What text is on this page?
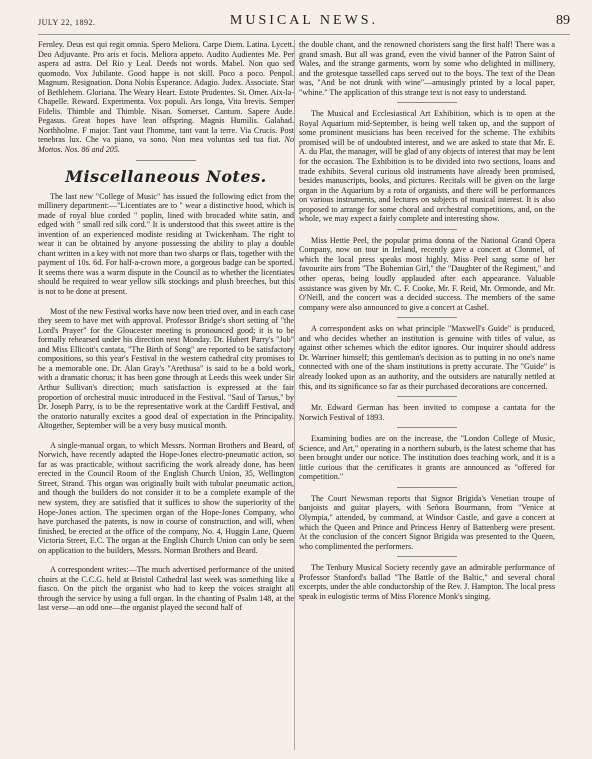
JULY 22, 1892.	MUSICAL NEWS.	89

Fernley. Deus est qui regit omnia. Spero Meliora. Carpe Diem. Latina. Lycett. Deo Adjuvante. Pro aris et focis. Meliora appeto. Audito Audientes Me. Per aspera ad astra. Del Rio y Leal. Deeds not words. Mabel. Non quo sed quomodo. Vox Jubilante. Good happe is not skill. Poco a poco. Penpol. Magnum. Resignation. Dona Nobis Esperance. Adagio. Judex. Associate. Star of Bethlehem. Gloriana. The Weary Heart. Estote Prudentes. St. Omer. Aix-la-Chapelle. Reward. Experimenta. Vox populi. Ars longa, Vita brevis. Semper Fidelis. Thimble and Thimble. Nisan. Somerset. Cantum. Sapere Aude. Pegasus. Great hopes have lean offspring. Magnis Humilis. Galahad. Northholme. F major. Tant vaut l'homme, tant vaut la terre. Via Crucis. Post tenebras lux. Che va piano, va sono. Non mea voluntas sed tua fiat. No Mottos. Nos. 86 and 205.

Miscellaneous Notes.

The last new "College of Music" has issued the following edict from the millinery department:—"Licentiates are to " wear a distinctive hood, which is made of royal blue corded " poplin, lined with brocaded white satin, and edged with " small red silk cord." It is understood that this sweet attire is the invention of an experienced modiste residing at Twickenham. The right to wear it can be obtained by anyone possessing the ability to play a double chant written in a key with not more than two sharps or flats, together with the payment of 10s. 6d. For half-a-crown more, a gorgeous badge can be sported. It seems there was a warm dispute in the Council as to whether the licentiates should be required to wear yellow silk stockings and plush breeches, but this is not to be done at present.

Most of the new Festival works have now been tried over, and in each case they seem to have met with approval. Professor Bridge's short setting of "the Lord's Prayer" for the Gloucester meeting is pronounced good; it is to be formally rehearsed under his direction next Monday. Dr. Hubert Parry's "Job" and Miss Ellicott's cantata, "The Birth of Song" are reported to be satisfactory compositions, so this year's Festival in the western cathedral city promises to be a memorable one. Dr. Alan Gray's "Arethusa" is said to be a bold work, with a dramatic chorus; it has been gone through at Leeds this week under Sir Arthur Sullivan's direction; much satisfaction is expressed at the fair proportion of orchestral music introduced in the Festival. "Saul of Tarsus," by Dr. Joseph Parry, is to be the representative work at the Cardiff Festival, and the oratorio naturally excites a good deal of expectation in the Principality. Altogether, September will be a very busy musical month.

A single-manual organ, to which Messrs. Norman Brothers and Beard, of Norwich, have recently adapted the Hope-Jones electro-pneumatic action, so far as was practicable, without sacrificing the work already done, has been erected in the Council Room of the English Church Union, 35, Wellington Street, Strand. This organ was originally built with tubular pneumatic action, and though the builders do not consider it to be a complete example of the new system, they are satisfied that it suffices to show the superiority of the Hope-Jones action. The specimen organ of the Hope-Jones Company, who have purchased the patents, is now in course of construction, and will, when finished, be erected at the office of the company, No. 4, Huggin Lane, Queen Victoria Street, E.C. The organ at the English Church Union can only be seen on application to the builders, Messrs. Norman Brothers and Beard.

A correspondent writes:—The much advertised performance of the united choirs at the C.C.G. held at Bristol Cathedral last week was something like a fiasco. On the pitch the organist who had to keep the voices straight all through the service by using a full organ. In the chanting of Psalm 148, at the last verse—an odd one—the organist played the second half of

the double chant, and the renowned choristers sang the first half! There was a grand smash. But all was grand, even the vivid banner of the Patron Saint of Wales, and the strange garments, worn by some who delighted in millinery, and the grotesque tasselled caps served out to the boys. The text of the Dean was, "And be not drunk with wine"—amusingly printed by a local paper, "whine." The application of this strange text is not easy to understand.

The Musical and Ecclesiastical Art Exhibition, which is to open at the Royal Aquarium mid-September, is being well taken up, and the support of some prominent musicians has been received for the scheme. The exhibits promised will be of undoubted interest, and we are asked to state that Mr. E. A. du Plat, the manager, will be glad of any objects of interest that may be lent for the occasion. The Exhibition is to be divided into two sections, loans and trade exhibits. Several curious old instruments have already been promised, besides manuscripts, books, and pictures. Recitals will be given on the large organ in the Aquarium by a rota of organists, and there will be performances on various instruments, and lectures on subjects of musical interest. It is also proposed to arrange for some choral and orchestral competitions, and, on the whole, we may expect a fairly complete and interesting show.

Miss Hettie Peel, the popular prima donna of the National Grand Opera Company, now on tour in Ireland, recently gave a concert at Clonmel, of which the local press speaks most highly. Miss Peel sang some of her favourite airs from "The Bohemian Girl," the "Daughter of the Regiment," and other operas, being loudly applauded after each appearance. Valuable assistance was given by Mr. C. F. Cooke, Mr. F. Reid, Mr. Ormonde, and Mr. O'Neill, and the concert was a decided success. The members of the same company were also announced to give a concert at Cashel.

A correspondent asks on what principle "Maxwell's Guide" is produced, and who decides whether an institution is genuine with titles of value, as against other schemes which the editor ignores. Our inquirer should address Dr. Warriner himself; this gentleman's decision as to putting in no one's name connected with one of the sham institutions is pretty accurate. The "Guide" is already looked upon as an authority, and the outsiders are naturally nettled at this, and its significance so far as their purchased decorations are concerned.

Mr. Edward German has been invited to compose a cantata for the Norwich Festival of 1893.

Examining bodies are on the increase, the "London College of Music, Science, and Art," operating in a northern suburb, is the latest scheme that has been brought under our notice. The institution does teaching work, and it is a little curious that the certificates it grants are announced as "offered for competition."

The Court Newsman reports that Signor Brigida's Venetian troupe of banjoists and guitar players, with Señora Bourmann, from "Venice at Olympia," attended, by command, at Windsor Castle, and gave a concert at which the Queen and Prince and Princess Henry of Battenberg were present. At the conclusion of the concert Signor Brigida was presented to the Queen, who complimented the performers.

The Tenbury Musical Society recently gave an admirable performance of Professor Stanford's ballad "The Battle of the Baltic," and several choral excerpts, under the able conductorship of the Rev. J. Hampton. The local press speak in eulogistic terms of Miss Florence Monk's singing.
